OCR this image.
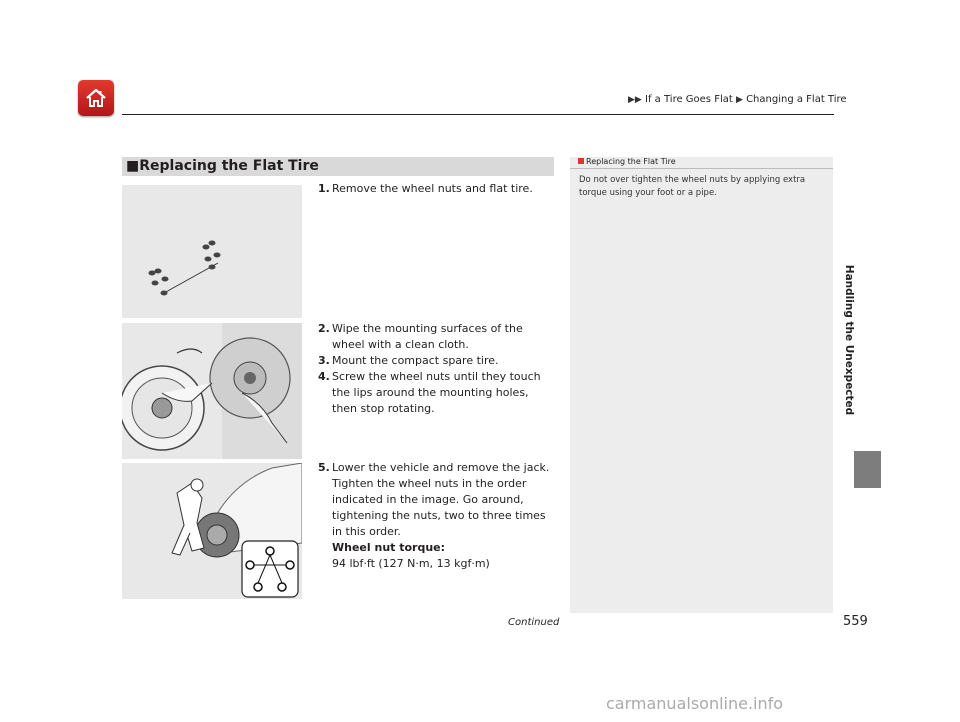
▶▶ If a Tire Goes Flat ▶ Changing a Flat Tire
Handling the Unexpected
■Replacing the Flat Tire
1. Remove the wheel nuts and flat tire.
2. Wipe the mounting surfaces of the wheel with a clean cloth.
3. Mount the compact spare tire.
4. Screw the wheel nuts until they touch the lips around the mounting holes, then stop rotating.
5. Lower the vehicle and remove the jack. Tighten the wheel nuts in the order indicated in the image. Go around, tightening the nuts, two to three times in this order.
Wheel nut torque:
94 lbf·ft (127 N·m, 13 kgf·m)
Replacing the Flat Tire
Do not over tighten the wheel nuts by applying extra torque using your foot or a pipe.
Continued	559
carmanualsonline.info
